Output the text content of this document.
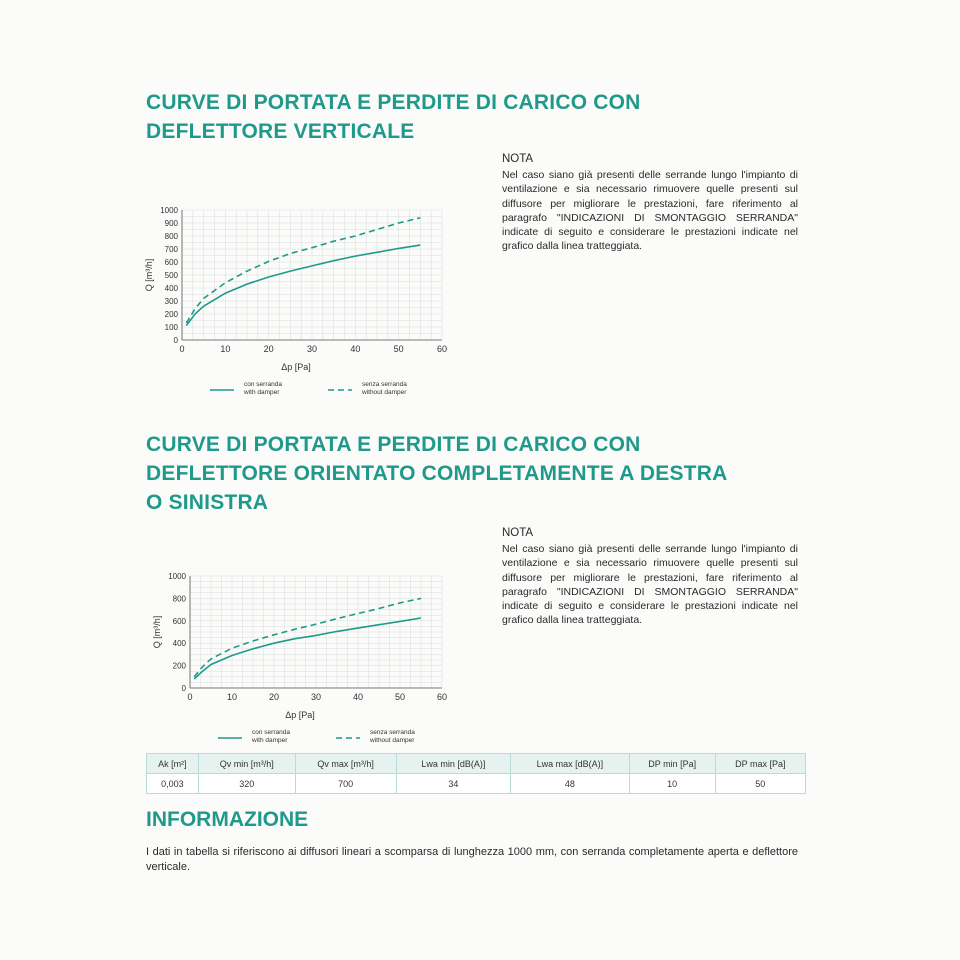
CURVE DI PORTATA E PERDITE DI CARICO CON
DEFLETTORE VERTICALE
NOTA
Nel caso siano già presenti delle serrande lungo l'impianto di ventilazione e sia necessario rimuovere quelle presenti sul diffusore per migliorare le prestazioni, fare riferimento al paragrafo "INDICAZIONI DI SMONTAGGIO SERRANDA" indicate di seguito e considerare le prestazioni indicate nel grafico dalla linea tratteggiata.
0	10	20	30	40	50	60
0
100
200
300
400
500
600
700
800
900
1000
Δp [Pa]
Q [m³/h]
con serranda
with damper
senza serranda
without damper
CURVE DI PORTATA E PERDITE DI CARICO CON
DEFLETTORE ORIENTATO COMPLETAMENTE A DESTRA
O SINISTRA
NOTA
Nel caso siano già presenti delle serrande lungo l'impianto di ventilazione e sia necessario rimuovere quelle presenti sul diffusore per migliorare le prestazioni, fare riferimento al paragrafo "INDICAZIONI DI SMONTAGGIO SERRANDA" indicate di seguito e considerare le prestazioni indicate nel grafico dalla linea tratteggiata.
0	10	20	30	40	50	60
0
200
400
600
800
1000
Δp [Pa]
Q [m³/h]
con serranda
with damper
senza serranda
without damper
Ak [m²]	Qv min [m³/h]	Qv max [m³/h]	Lwa min [dB(A)]	Lwa max [dB(A)]	DP min [Pa]	DP max [Pa]
0,003	320	700	34	48	10	50
INFORMAZIONE

I dati in tabella si riferiscono ai diffusori lineari a scomparsa di lunghezza 1000 mm, con serranda completamente aperta e deflettore verticale.
